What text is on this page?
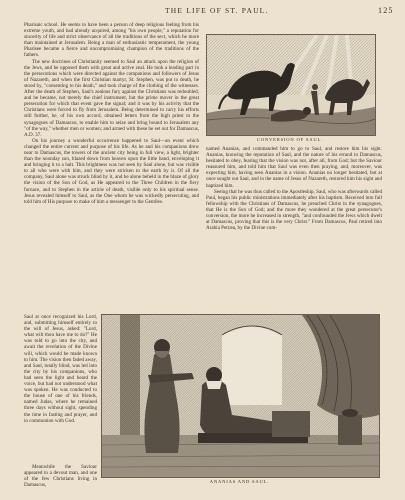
THE LIFE OF ST. PAUL.	125

Pharisaic school. He seems to have been a person of deep religious feeling from his extreme youth, and had already acquired, among "his own people," a reputation for sincerity of life and strict observance of all the traditions of the sect, which he more than maintained at Jerusalem. Being a man of enthusiastic temperament, the young Pharisee became a fierce and uncompromising champion of the traditions of the fathers.

The new doctrines of Christianity seemed to Saul an attack upon the religion of the Jews, and he opposed them with great and active zeal. He took a leading part in the persecutions which were directed against the companions and followers of Jesus of Nazareth, and when the first Christian martyr, St. Stephen, was put to death, he stood by, "consenting to his death," and took charge of the clothing of the witnesses. After the death of Stephen, Saul's zealous fury against the Christians was redoubled, and he became, not merely the chief instrument, but the prime mover in the great persecution for which that event gave the signal; and it was by his activity that the Christians were forced to fly from Jerusalem. Being determined to carry his efforts still further, he, of his own accord, obtained letters from the high priest to the synagogues of Damascus, to enable him to seize and bring bound to Jerusalem any "of the way," whether men or women; and armed with these he set out for Damascus, A.D. 37.

On his journey a wonderful occurrence happened to Saul—an event which changed the entire current and purpose of his life. As he and his companions drew near to Damascus, the towers of the ancient city being in full view, a light, brighter than the noonday sun, blazed down from heaven upon the little band, enveloping it and bringing it to a halt. This brightness was not seen by Saul alone, but was visible to all who were with him, and they were stricken to the earth by it. Of all the company, Saul alone was struck blind by it, and he alone beheld in the blaze of glory the vision of the Son of God, as He appeared to the Three Children in the fiery furnace, and to Stephen in the article of death, visible only to his spiritual sense. Jesus revealed himself to Saul, as the One whom he was wickedly persecuting, and told him of His purpose to make of him a messenger to the Gentiles.

Saul at once recognized his Lord, and, submitting himself entirely to the will of Jesus, asked: "Lord, what wilt thou have me to do?" He was told to go into the city, and await the revelation of the Divine will, which would be made known to him. The vision then faded away, and Saul, totally blind, was led into the city by his companions, who had seen the light and heard the voice, but had not understood what was spoken. He was conducted to the house of one of his friends, named Judas, where he remained three days without sight, spending the time in fasting and prayer, and in communion with God.

Meanwhile the Saviour appeared to a devout man, and one of the few Christians living in Damascus,

CONVERSION OF SAUL.

named Ananias, and commanded him to go to Saul, and restore him his sight. Ananias, knowing the reputation of Saul, and the nature of his errand to Damascus, hesitated to obey, fearing that the vision was not, after all, from God; but the Saviour reassured him, and told him that Saul was even then praying, and, moreover, was expecting him, having seen Ananias in a vision. Ananias no longer hesitated, but at once sought out Saul, and in the name of Jesus of Nazareth, restored him his sight and baptized him.

Seeing that he was thus called to the Apostleship, Saul, who was afterwards called Paul, began his public ministrations immediately after his baptism. Received into full fellowship with the Christians of Damascus, he preached Christ in the synagogues, that He is the Son of God; and the more they wondered at the great persecutor's conversion, the more he increased in strength, "and confounded the Jews which dwelt at Damascus, proving that this is the very Christ." From Damascus, Paul retired into Arabia Petræa, by the Divine com-

ANANIAS AND SAUL.
